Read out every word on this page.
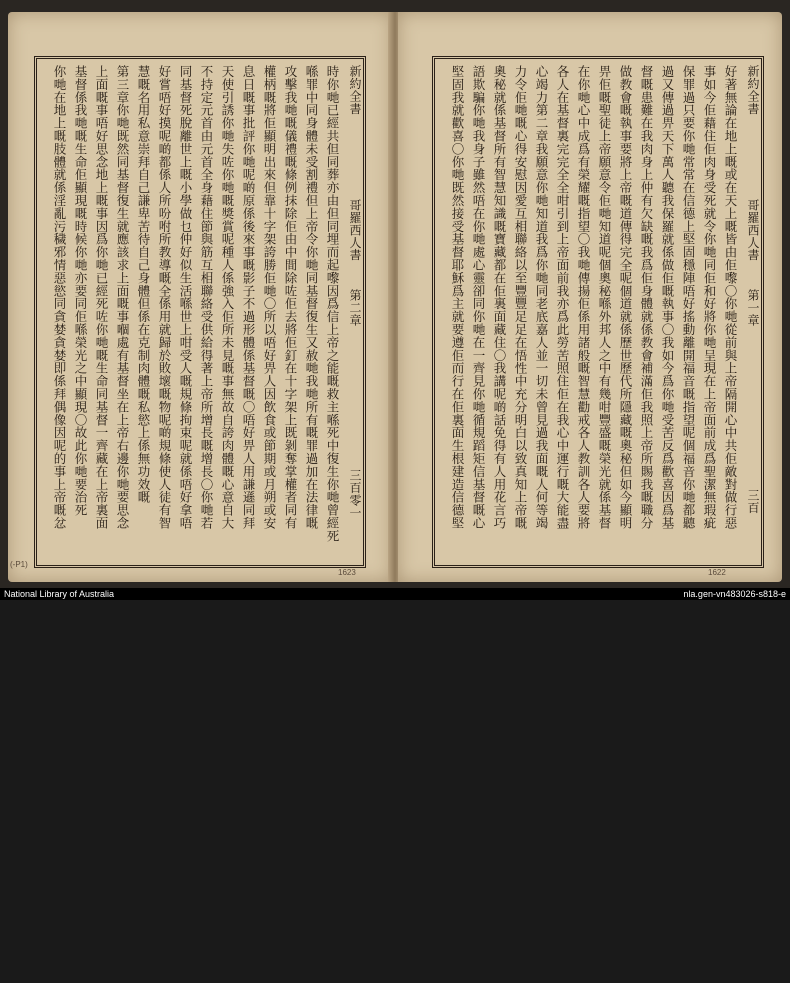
新約全書
哥羅西人書
第二章
三百零一
時你哋已經共但同葬亦由但同埋而起嚟因爲信上帝之能嘅救主喺死中復生你哋曾經死
喺罪中同身體未受割禮但上帝令你哋同基督復生又赦哋我哋所有嘅罪過加在法律嘅
攻擊我哋嘅儀禮嘅條例抹除佢由中間除咗佢去將佢釘在十字架上既剝奪掌權者同有
權柄嘅將佢顯明出來但靠十字架誇勝佢哋〇所以唔好畀人因飲食或節期或月朔或安
息日嘅事批評你哋呢啲原係後來事嘅影子不過形體係基督嘅〇唔好畀人用謙遜同拜
天使引誘你哋失咗你哋嘅獎賞呢種人係強入佢所未見嘅事無故自誇肉體嘅心意自大
不持定元首由元首全身藉住節與筋互相聯絡受供給得著上帝所增長嘅增長〇你哋若
同基督死脫離世上嘅小學做乜仲好似生活喺世上咁受人嘅規條拘束呢就係唔好拿唔
好嘗唔好摸呢啲都係人所吩咐所教導嘅全係用就歸於敗壞嘅物呢啲規條使人徒有智
慧嘅名用私意崇拜自己謙卑苦待自己身體但係在克制肉體嘅私慾上係無功效嘅
第三章你哋既然同基督復生就應該求上面嘅事嗰處有基督坐在上帝右邊你哋要思念
上面嘅事唔好思念地上嘅事因爲你哋已經死咗你哋嘅生命同基督一齊藏在上帝裏面
基督係我哋嘅生命佢顯現嘅時候你哋亦要同佢喺榮光之中顯現〇故此你哋要治死
你哋在地上嘅肢體就係淫亂污穢邪情惡慾同貪婪貪婪即係拜偶像因呢的事上帝嘅忿
(-P1)
1623
新約全書
哥羅西人書
第一章
三百
好著無論在地上嘅或在天上嘅皆由佢嚟〇你哋從前與上帝隔開心中共佢敵對做行惡
事如今佢藉住佢肉身受死就令你哋同佢和好將你哋呈現在上帝面前成爲聖潔無瑕疵
保罪過只要你哋常常在信德上堅固穩陣唔好搖動離開福音嘅指望呢個福音你哋都聽
過又傳過畀天下萬人聽我保羅就係做佢嘅執事〇我如今爲你哋受苦反爲歡喜因爲基
督嘅患難在我肉身上仲有欠缺嘅我爲佢身體就係教會補滿佢我照上帝所賜我嘅職分
做教會嘅執事要將上帝嘅道傳得完全呢個道就係歷世歷代所隱藏嘅奧秘但如今顯明
畀佢嘅聖徒上帝願意令佢哋知道呢個奧秘喺外邦人之中有幾咁豐盛嘅榮光就係基督
在你哋心中成爲有榮耀嘅指望〇我哋傳揚佢係用諸般嘅智慧勸戒各人教訓各人要將
各人在基督裏完完全全咁引到上帝面前我亦爲此勞苦照住佢在我心中運行嘅大能盡
心竭力第二章我願意你哋知道我爲你哋同老底嘉人並一切未曾見過我面嘅人何等竭
力令佢哋嘅心得安慰因愛互相聯絡以至豐豐足足在悟性中充分明白以致真知上帝嘅
奧秘就係基督所有智慧知識嘅寶藏都在佢裏面藏住〇我講呢啲話免得有人用花言巧
語欺騙你哋我身子雖然唔在你哋處心靈卻同你哋在一齊見你哋循規蹈矩信基督嘅心
堅固我就歡喜〇你哋既然接受基督耶穌爲主就要遵佢而行在佢裏面生根建造信德堅
1622
National Library of Australia	nla.gen-vn483026-s818-e
